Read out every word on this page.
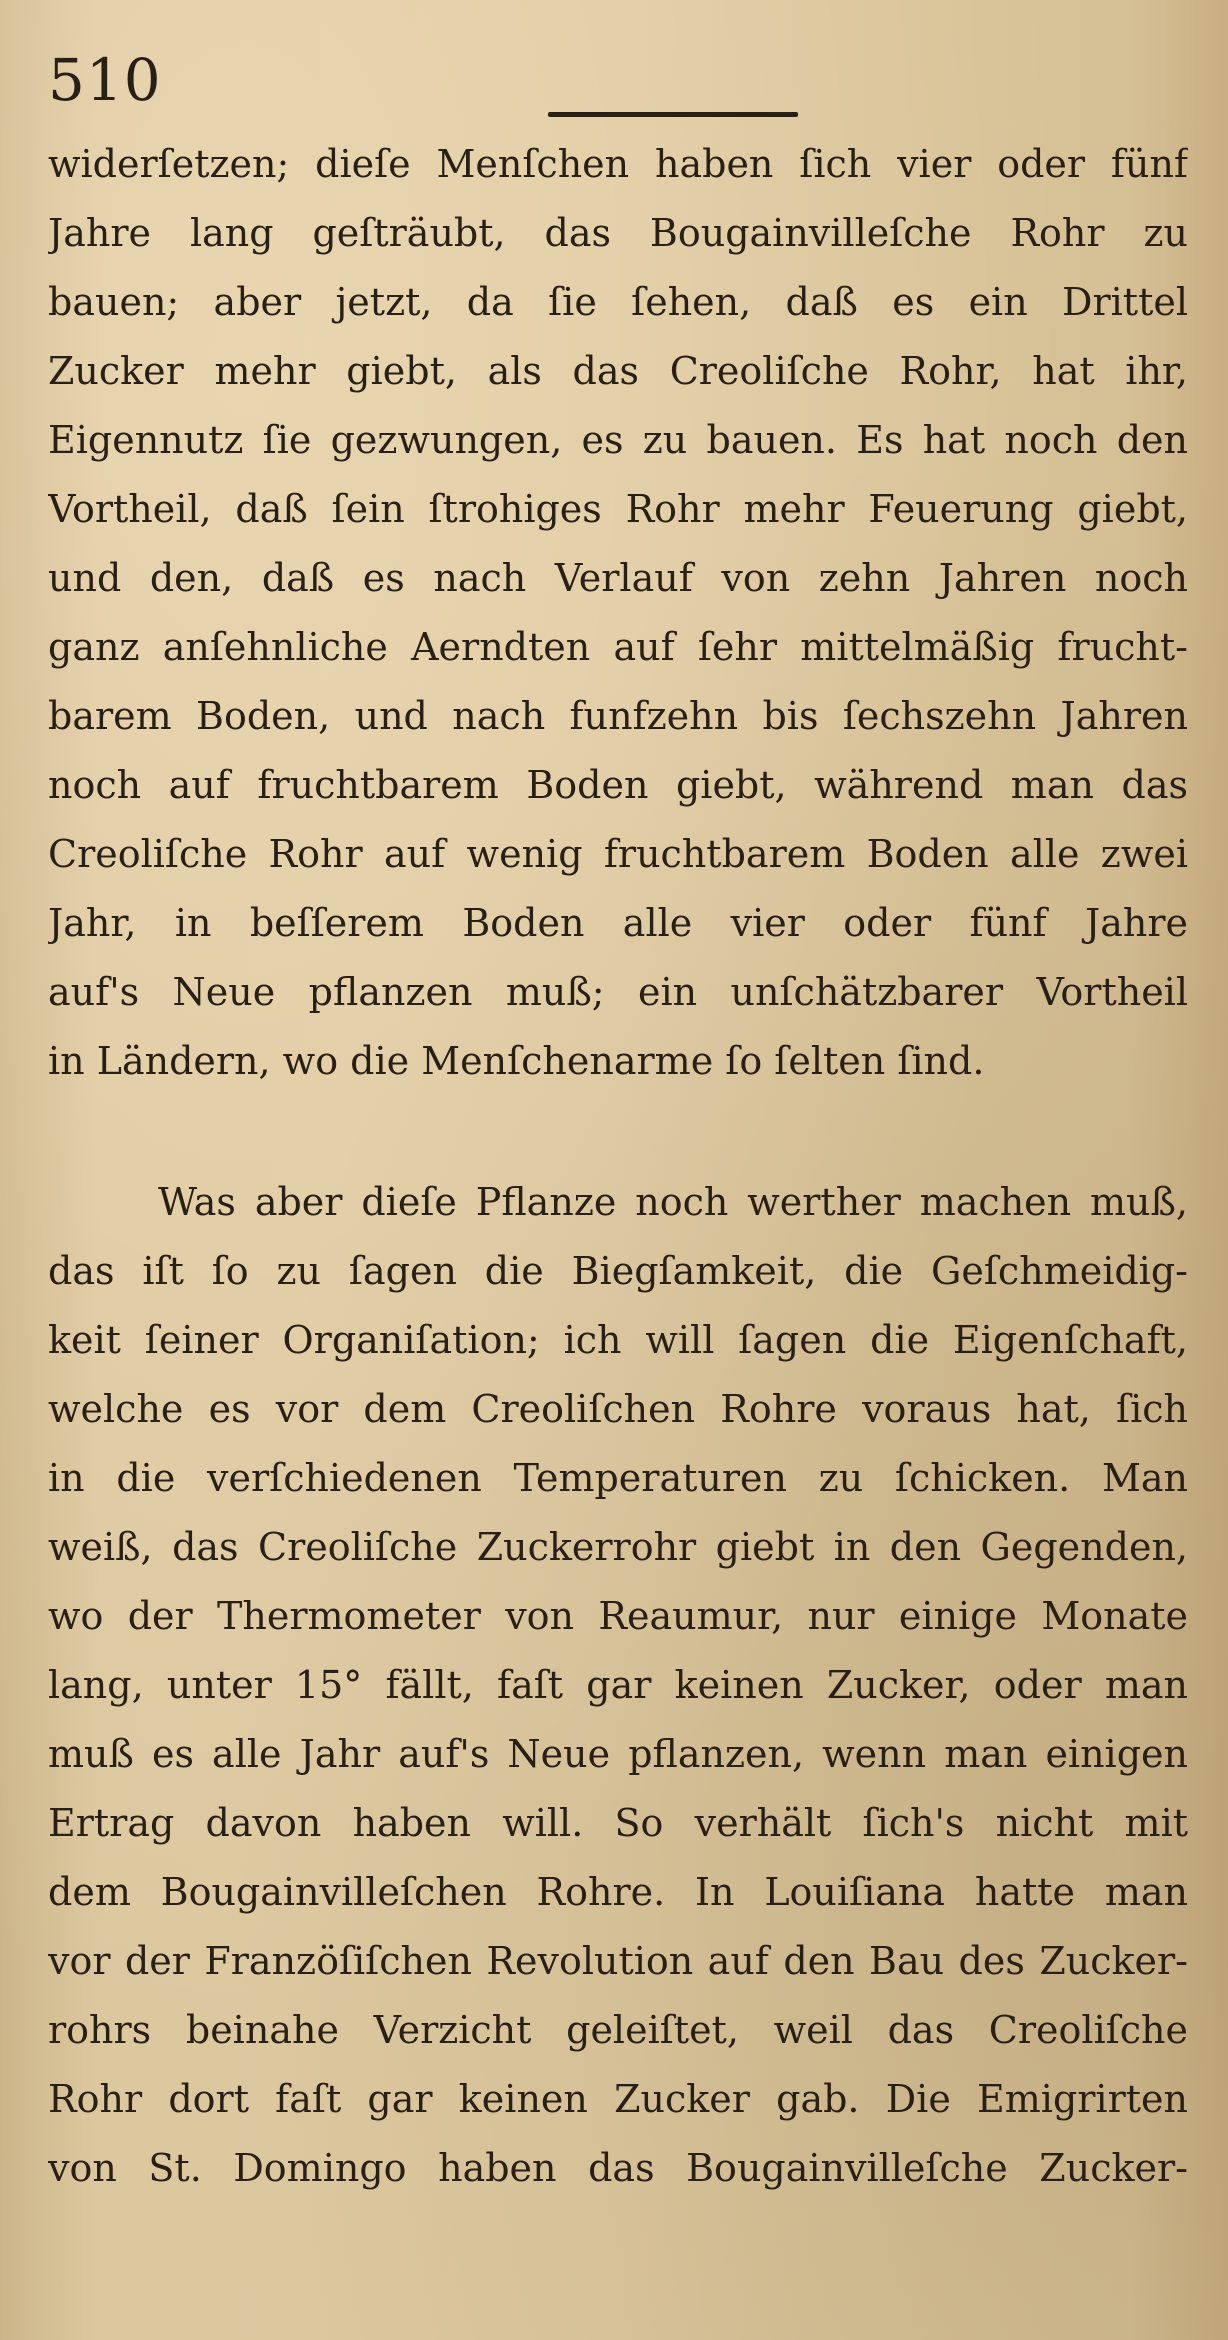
510
widerſetzen; dieſe Menſchen haben ſich vier oder fünf
Jahre lang geſträubt, das Bougainvilleſche Rohr zu
bauen; aber jetzt, da ſie ſehen, daß es ein Drittel
Zucker mehr giebt, als das Creoliſche Rohr, hat ihr,
Eigennutz ſie gezwungen, es zu bauen. Es hat noch den
Vortheil, daß ſein ſtrohiges Rohr mehr Feuerung giebt,
und den, daß es nach Verlauf von zehn Jahren noch
ganz anſehnliche Aerndten auf ſehr mittelmäßig frucht-
barem Boden, und nach funfzehn bis ſechszehn Jahren
noch auf fruchtbarem Boden giebt, während man das
Creoliſche Rohr auf wenig fruchtbarem Boden alle zwei
Jahr, in beſſerem Boden alle vier oder fünf Jahre
auf's Neue pflanzen muß; ein unſchätzbarer Vortheil
in Ländern, wo die Menſchenarme ſo ſelten ſind.
Was aber dieſe Pflanze noch werther machen muß,
das iſt ſo zu ſagen die Biegſamkeit, die Geſchmeidig-
keit ſeiner Organiſation; ich will ſagen die Eigenſchaft,
welche es vor dem Creoliſchen Rohre voraus hat, ſich
in die verſchiedenen Temperaturen zu ſchicken. Man
weiß, das Creoliſche Zuckerrohr giebt in den Gegenden,
wo der Thermometer von Reaumur, nur einige Monate
lang, unter 15° fällt, faſt gar keinen Zucker, oder man
muß es alle Jahr auf's Neue pflanzen, wenn man einigen
Ertrag davon haben will. So verhält ſich's nicht mit
dem Bougainvilleſchen Rohre. In Louiſiana hatte man
vor der Franzöſiſchen Revolution auf den Bau des Zucker-
rohrs beinahe Verzicht geleiſtet, weil das Creoliſche
Rohr dort faſt gar keinen Zucker gab. Die Emigrirten
von St. Domingo haben das Bougainvilleſche Zucker-
